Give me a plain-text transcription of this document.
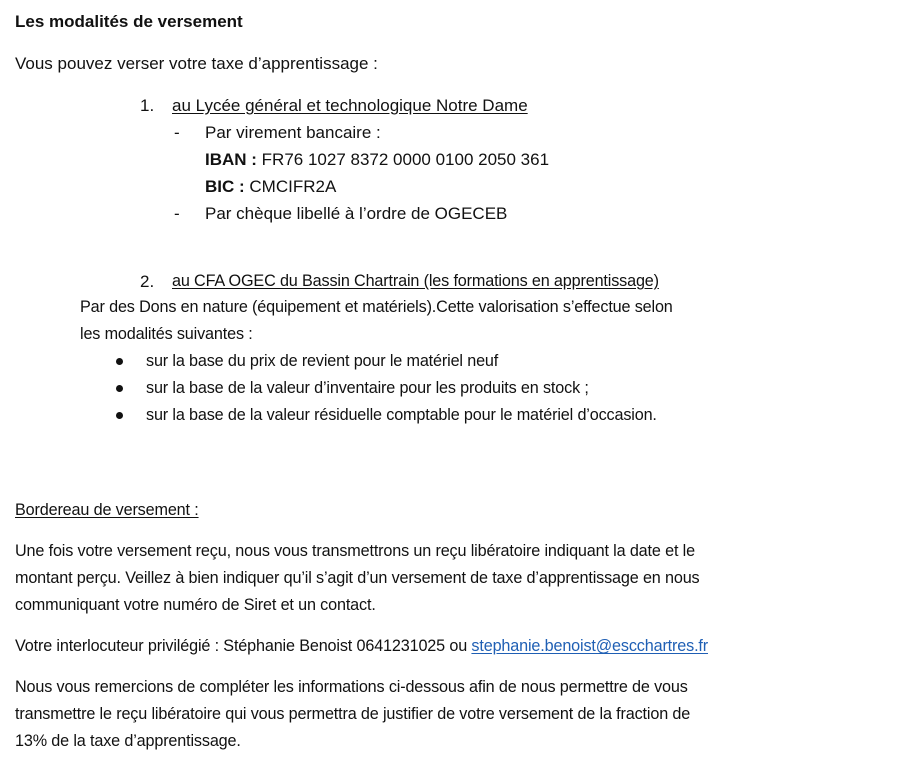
Les modalités de versement
Vous pouvez verser votre taxe d’apprentissage :
1. au Lycée général et technologique Notre Dame
- Par virement bancaire :
IBAN : FR76 1027 8372 0000 0100 2050 361
BIC : CMCIFR2A
- Par chèque libellé à l’ordre de OGECEB
2. au CFA OGEC du Bassin Chartrain (les formations en apprentissage)
Par des Dons en nature (équipement et matériels).Cette valorisation s’effectue selon
les modalités suivantes :
sur la base du prix de revient pour le matériel neuf
sur la base de la valeur d’inventaire pour les produits en stock ;
sur la base de la valeur résiduelle comptable pour le matériel d’occasion.
Bordereau de versement :
Une fois votre versement reçu, nous vous transmettrons un reçu libératoire indiquant la date et le
montant perçu. Veillez à bien indiquer qu’il s’agit d’un versement de taxe d’apprentissage en nous
communiquant votre numéro de Siret et un contact.
Votre interlocuteur privilégié : Stéphanie Benoist 0641231025 ou stephanie.benoist@escchartres.fr
Nous vous remercions de compléter les informations ci-dessous afin de nous permettre de vous
transmettre le reçu libératoire qui vous permettra de justifier de votre versement de la fraction de
13% de la taxe d’apprentissage.
